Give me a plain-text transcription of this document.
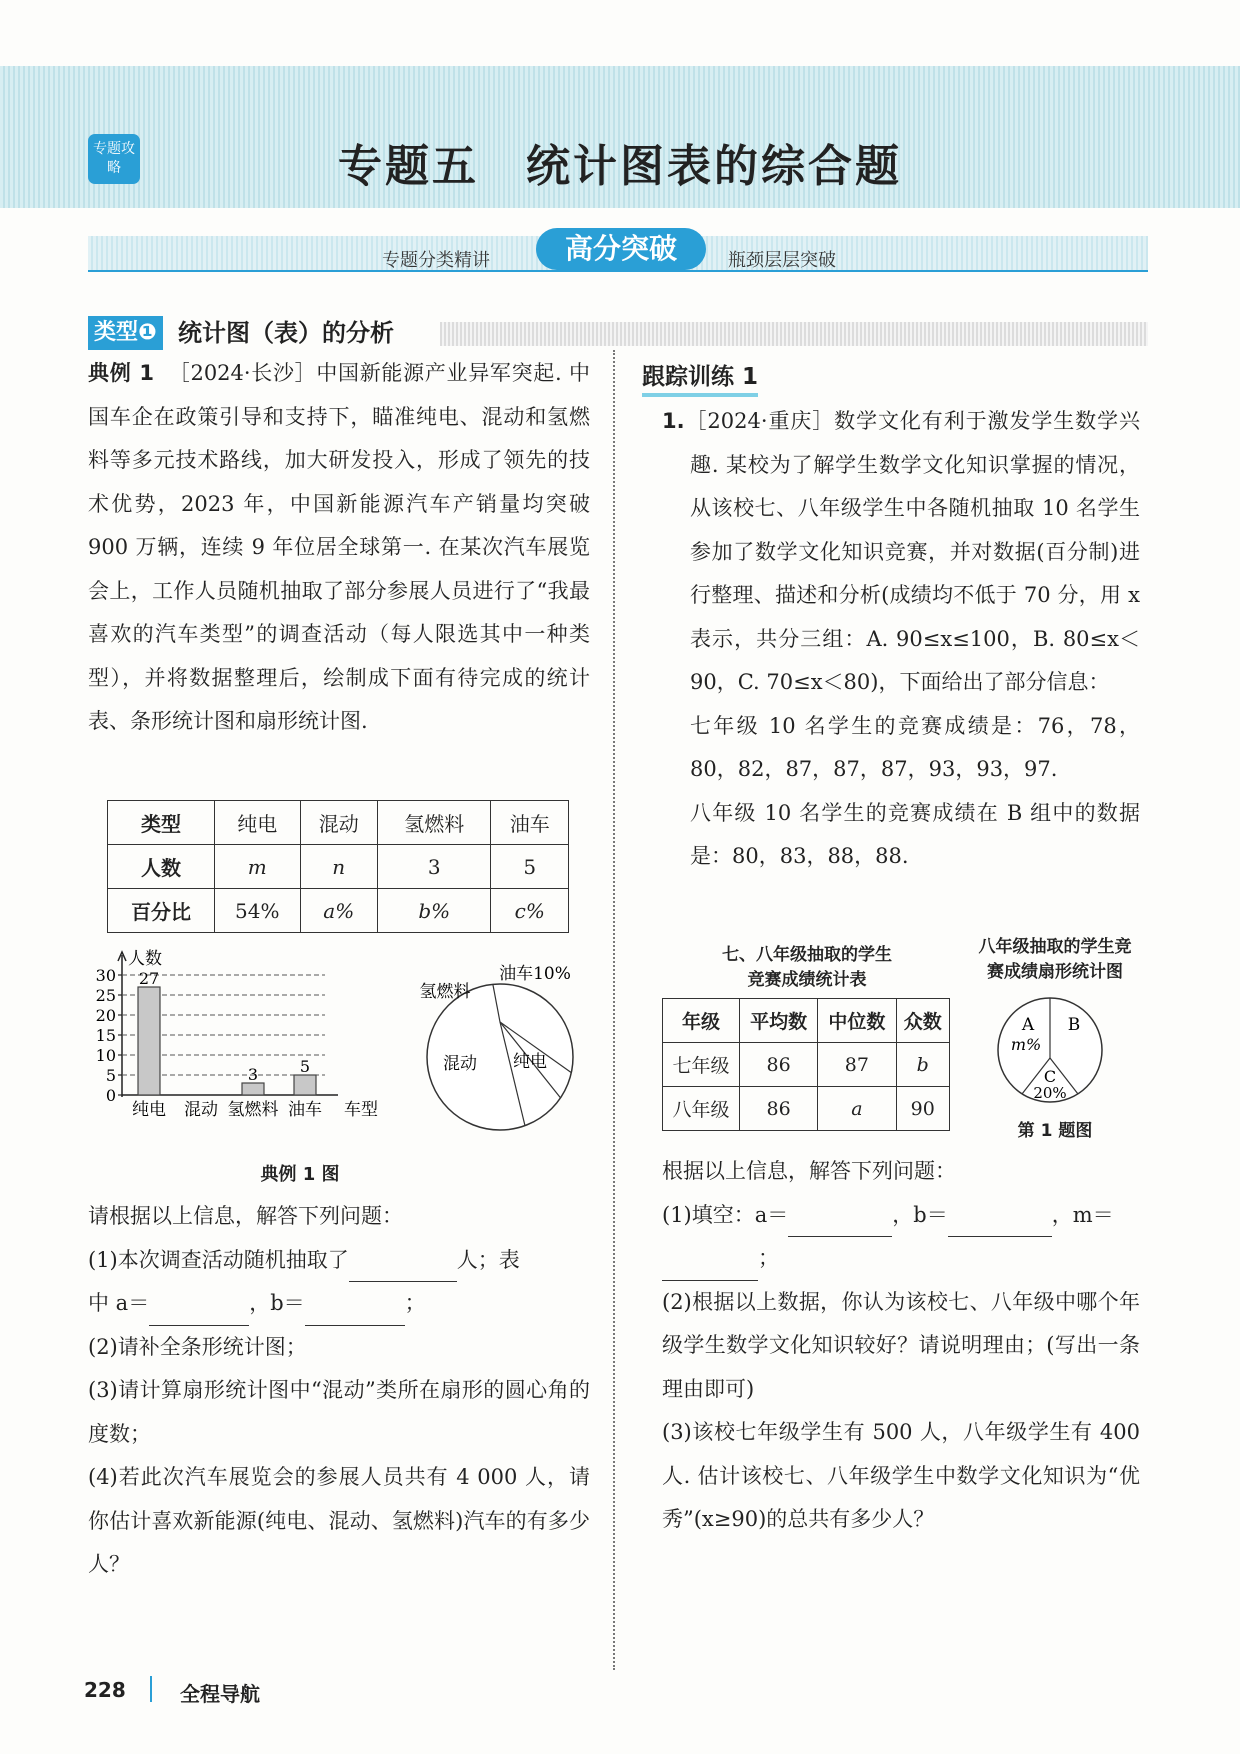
专题攻略	专题五　统计图表的综合题
专题分类精讲	高分突破	瓶颈层层突破
类型❶ 统计图（表）的分析

典例 1 ［2024·长沙］中国新能源产业异军突起. 中国车企在政策引导和支持下，瞄准纯电、混动和氢燃料等多元技术路线，加大研发投入，形成了领先的技术优势，2023 年，中国新能源汽车产销量均突破 900 万辆，连续 9 年位居全球第一. 在某次汽车展览会上，工作人员随机抽取了部分参展人员进行了“我最喜欢的汽车类型”的调查活动（每人限选其中一种类型），并将数据整理后，绘制成下面有待完成的统计表、条形统计图和扇形统计图.

类型	纯电	混动	氢燃料	油车
人数	m	n	3	5
百分比	54%	a%	b%	c%
人数
0
5
10
15
20
25
30 27
纯电 混动
3
氢燃料
5
油车 车型
纯电
混动
氢燃料
油车10%
典例 1 图

请根据以上信息，解答下列问题：

(1)本次调查活动随机抽取了	人；表

中 a＝	，b＝	；

(2)请补全条形统计图；

(3)请计算扇形统计图中“混动”类所在扇形的圆心角的度数；

(4)若此次汽车展览会的参展人员共有 4 000 人，请你估计喜欢新能源(纯电、混动、氢燃料)汽车的有多少人？

跟踪训练 1

1.［2024·重庆］数学文化有利于激发学生数学兴趣. 某校为了解学生数学文化知识掌握的情况，从该校七、八年级学生中各随机抽取 10 名学生参加了数学文化知识竞赛，并对数据(百分制)进行整理、描述和分析(成绩均不低于 70 分，用 x 表示，共分三组：A. 90≤x≤100，B. 80≤x＜90，C. 70≤x＜80)，下面给出了部分信息：

七年级 10 名学生的竞赛成绩是：76，78，80，82，87，87，87，93，93，97.

八年级 10 名学生的竞赛成绩在 B 组中的数据是：80，83，88，88.

七、八年级抽取的学生
竞赛成绩统计表
八年级抽取的学生竞
赛成绩扇形统计图
年级	平均数	中位数	众数
七年级	86	87	b
八年级	86	a	90
A
m%
B
C
20%
第 1 题图

根据以上信息，解答下列问题：

(1)填空：a＝	，b＝	，m＝

；

(2)根据以上数据，你认为该校七、八年级中哪个年级学生数学文化知识较好？请说明理由；(写出一条理由即可)

(3)该校七年级学生有 500 人，八年级学生有 400 人. 估计该校七、八年级学生中数学文化知识为“优秀”(x≥90)的总共有多少人？

228	全程导航
